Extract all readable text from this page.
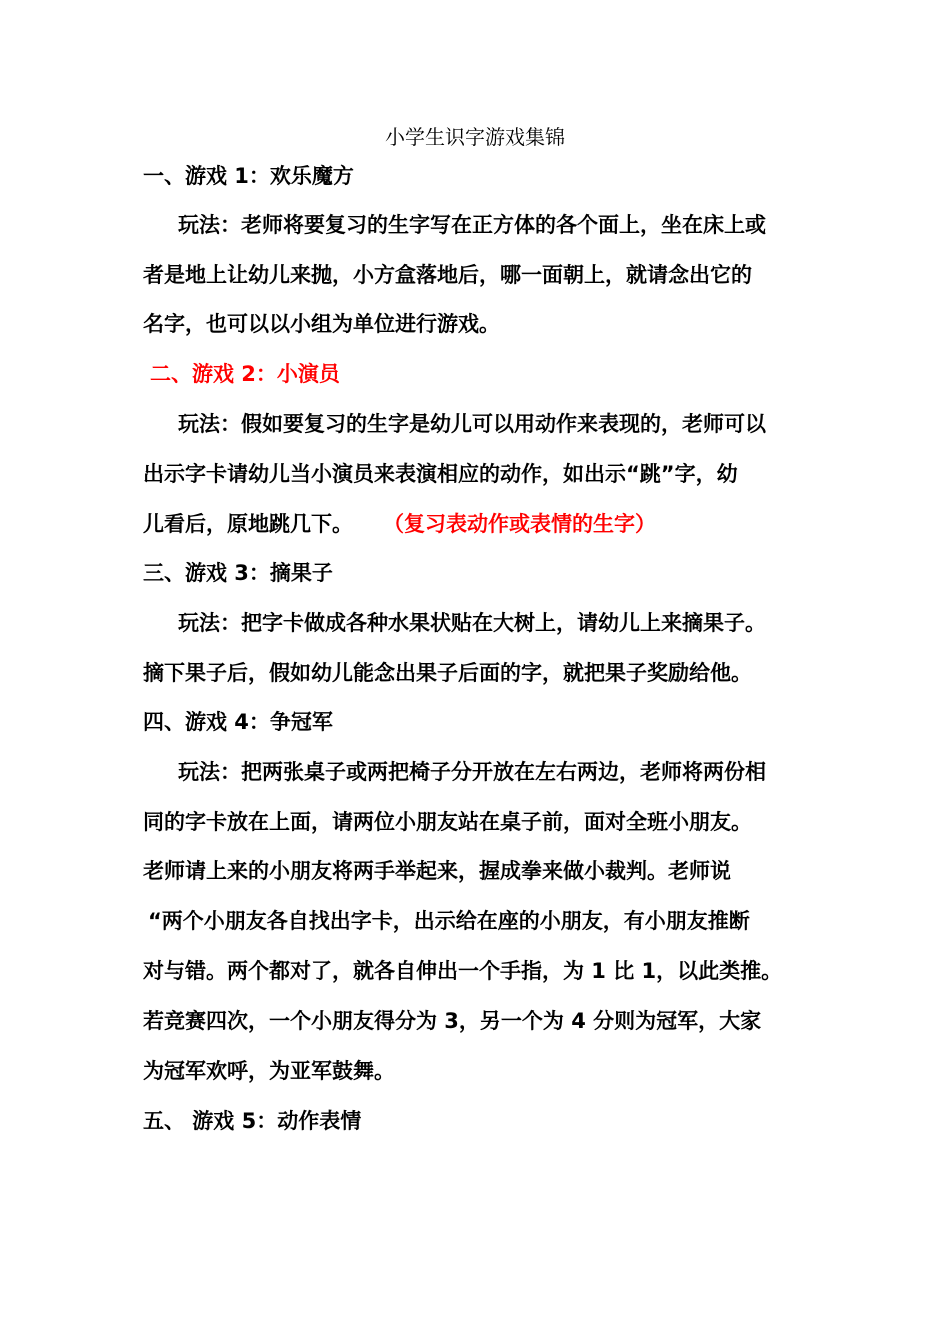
小学生识字游戏集锦
一、游戏 1：欢乐魔方
玩法：老师将要复习的生字写在正方体的各个面上，坐在床上或
者是地上让幼儿来抛，小方盒落地后，哪一面朝上，就请念出它的
名字，也可以以小组为单位进行游戏。
二、游戏 2：小演员
玩法：假如要复习的生字是幼儿可以用动作来表现的，老师可以
出示字卡请幼儿当小演员来表演相应的动作，如出示“跳”字，幼
儿看后，原地跳几下。 （复习表动作或表情的生字）
三、游戏 3：摘果子
玩法：把字卡做成各种水果状贴在大树上，请幼儿上来摘果子。
摘下果子后，假如幼儿能念出果子后面的字，就把果子奖励给他。
四、游戏 4：争冠军
玩法：把两张桌子或两把椅子分开放在左右两边，老师将两份相
同的字卡放在上面，请两位小朋友站在桌子前，面对全班小朋友。
老师请上来的小朋友将两手举起来，握成拳来做小裁判。老师说
“两个小朋友各自找出字卡，出示给在座的小朋友，有小朋友推断
对与错。两个都对了，就各自伸出一个手指，为 1 比 1，以此类推。
若竞赛四次，一个小朋友得分为 3，另一个为 4 分则为冠军，大家
为冠军欢呼，为亚军鼓舞。
五、 游戏 5：动作表情
